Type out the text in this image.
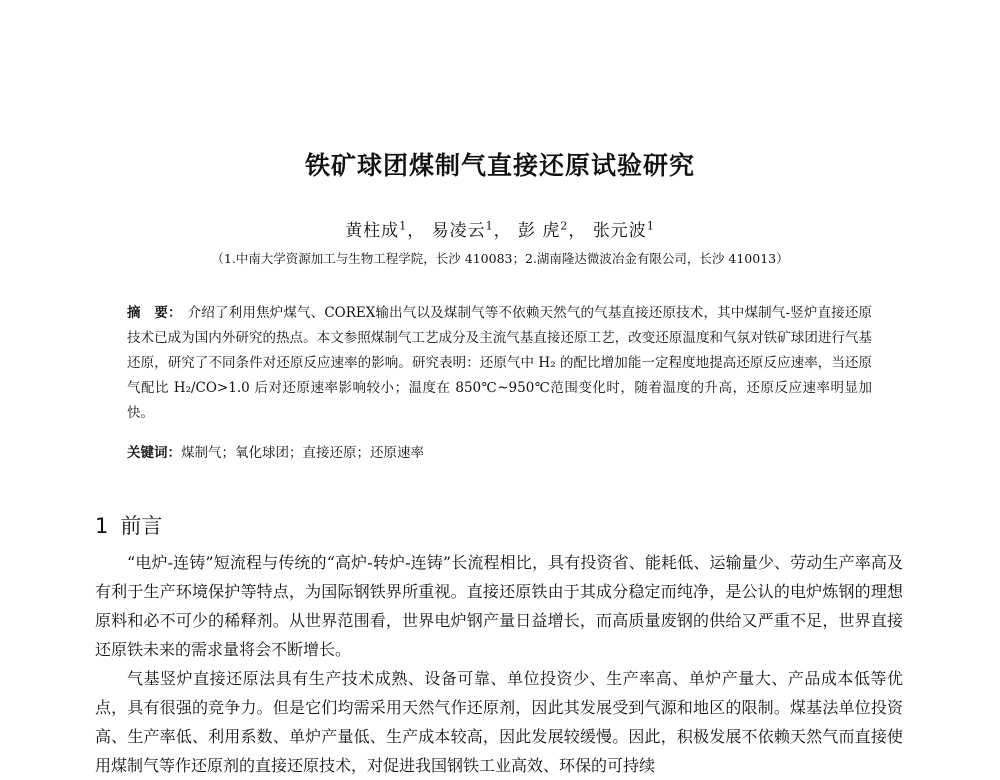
铁矿球团煤制气直接还原试验研究
黄柱成$^1$， 易凌云$^1$， 彭 虎$^2$， 张元波$^1$
（1.中南大学资源加工与生物工程学院，长沙 410083；2.湖南隆达微波冶金有限公司，长沙 410013）
摘　要： 介绍了利用焦炉煤气、COREX输出气以及煤制气等不依赖天然气的气基直接还原技术，其中煤制气-竖炉直接还原技术已成为国内外研究的热点。本文参照煤制气工艺成分及主流气基直接还原工艺，改变还原温度和气氛对铁矿球团进行气基还原，研究了不同条件对还原反应速率的影响。研究表明：还原气中 H₂ 的配比增加能一定程度地提高还原反应速率，当还原气配比 H₂/CO>1.0 后对还原速率影响较小；温度在 850℃~950℃范围变化时，随着温度的升高，还原反应速率明显加快。
关键词：煤制气；氧化球团；直接还原；还原速率
1 前言

“电炉-连铸”短流程与传统的“高炉-转炉-连铸”长流程相比，具有投资省、能耗低、运输量少、劳动生产率高及有利于生产环境保护等特点，为国际钢铁界所重视。直接还原铁由于其成分稳定而纯净，是公认的电炉炼钢的理想原料和必不可少的稀释剂。从世界范围看，世界电炉钢产量日益增长，而高质量废钢的供给又严重不足，世界直接还原铁未来的需求量将会不断增长。

气基竖炉直接还原法具有生产技术成熟、设备可靠、单位投资少、生产率高、单炉产量大、产品成本低等优点，具有很强的竞争力。但是它们均需采用天然气作还原剂，因此其发展受到气源和地区的限制。煤基法单位投资高、生产率低、利用系数、单炉产量低、生产成本较高，因此发展较缓慢。因此，积极发展不依赖天然气而直接使用煤制气等作还原剂的直接还原技术，对促进我国钢铁工业高效、环保的可持续
